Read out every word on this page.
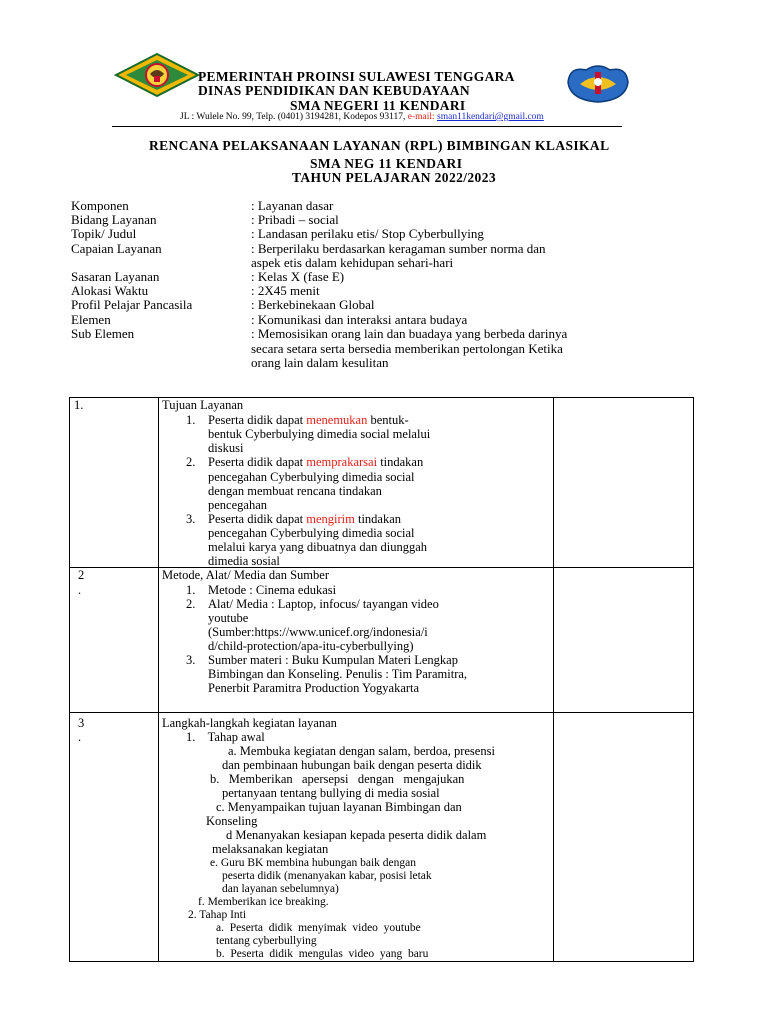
PEMERINTAH PROINSI SULAWESI TENGGARA
DINAS PENDIDIKAN DAN KEBUDAYAAN
SMA NEGERI 11 KENDARI
JL : Wulele No. 99, Telp. (0401) 3194281, Kodepos 93117, e-mail: sman11kendari@gmail.com
RENCANA PELAKSANAAN LAYANAN (RPL) BIMBINGAN KLASIKAL
SMA NEG 11 KENDARI
TAHUN PELAJARAN 2022/2023
Komponen	: Layanan dasar
Bidang Layanan	: Pribadi – social
Topik/ Judul	: Landasan perilaku etis/ Stop Cyberbullying
Capaian Layanan	: Berperilaku berdasarkan keragaman sumber norma dan
aspek etis dalam kehidupan sehari-hari
Sasaran Layanan	: Kelas X (fase E)
Alokasi Waktu	: 2X45 menit
Profil Pelajar Pancasila	: Berkebinekaan Global
Elemen	: Komunikasi dan interaksi antara budaya
Sub Elemen	: Memosisikan orang lain dan buadaya yang berbeda darinya
secara setara serta bersedia memberikan pertolongan Ketika
orang lain dalam kesulitan
1.	Tujuan Layanan
1. Peserta didik dapat menemukan bentuk-
bentuk Cyberbulying dimedia social melalui
diskusi
2. Peserta didik dapat memprakarsai tindakan
pencegahan Cyberbulying dimedia social
dengan membuat rencana tindakan
pencegahan
3. Peserta didik dapat mengirim tindakan
pencegahan Cyberbulying dimedia social
melalui karya yang dibuatnya dan diunggah
dimedia sosial
2
.
Metode, Alat/ Media dan Sumber
1. Metode : Cinema edukasi
2. Alat/ Media : Laptop, infocus/ tayangan video
youtube
(Sumber:https://www.unicef.org/indonesia/i
d/child-protection/apa-itu-cyberbullying)
3. Sumber materi : Buku Kumpulan Materi Lengkap
Bimbingan dan Konseling. Penulis : Tim Paramitra,
Penerbit Paramitra Production Yogyakarta
3
.
Langkah-langkah kegiatan layanan
1.    Tahap awal
a. Membuka kegiatan dengan salam, berdoa, presensi
dan pembinaan hubungan baik dengan peserta didik
b.   Memberikan   apersepsi   dengan   mengajukan
pertanyaan tentang bullying di media sosial
c. Menyampaikan tujuan layanan Bimbingan dan
Konseling
d Menanyakan kesiapan kepada peserta didik dalam
melaksanakan kegiatan
e. Guru BK membina hubungan baik dengan
peserta didik (menanyakan kabar, posisi letak
dan layanan sebelumnya)
f. Memberikan ice breaking.
2. Tahap Inti
a.  Peserta  didik  menyimak  video  youtube
tentang cyberbullying
b.  Peserta  didik  mengulas  video  yang  baru
